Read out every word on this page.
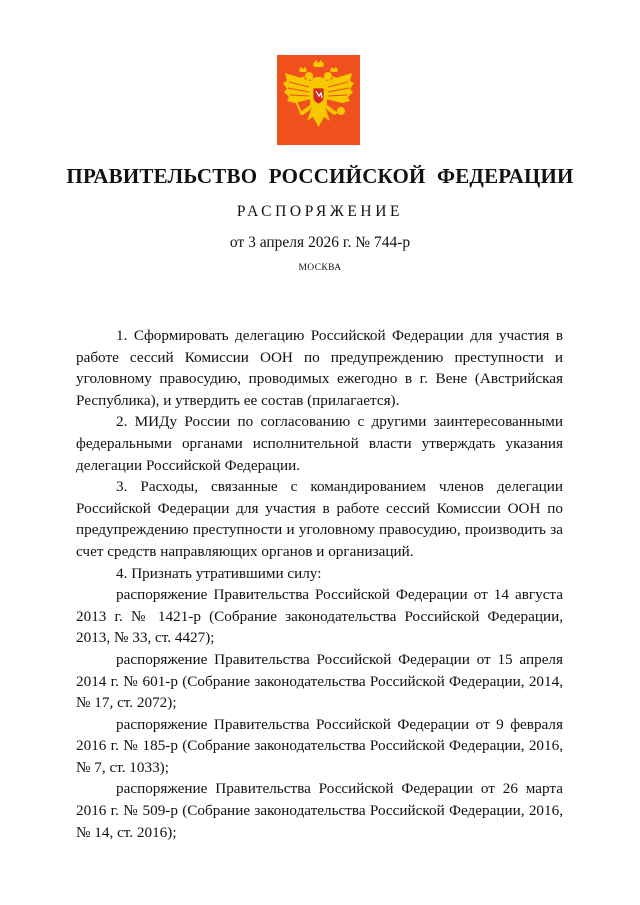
ПРАВИТЕЛЬСТВО РОССИЙСКОЙ ФЕДЕРАЦИИ
РАСПОРЯЖЕНИЕ
от 3 апреля 2026 г. № 744-р
МОСКВА

1. Сформировать делегацию Российской Федерации для участия в работе сессий Комиссии ООН по предупреждению преступности и уголовному правосудию, проводимых ежегодно в г. Вене (Австрийская Республика), и утвердить ее состав (прилагается).

2. МИДу России по согласованию с другими заинтересованными федеральными органами исполнительной власти утверждать указания делегации Российской Федерации.

3. Расходы, связанные с командированием членов делегации Российской Федерации для участия в работе сессий Комиссии ООН по предупреждению преступности и уголовному правосудию, производить за счет средств направляющих органов и организаций.

4. Признать утратившими силу:

распоряжение Правительства Российской Федерации от 14 августа 2013 г. № 1421-р (Собрание законодательства Российской Федерации, 2013, № 33, ст. 4427);

распоряжение Правительства Российской Федерации от 15 апреля 2014 г. № 601-р (Собрание законодательства Российской Федерации, 2014, № 17, ст. 2072);

распоряжение Правительства Российской Федерации от 9 февраля 2016 г. № 185-р (Собрание законодательства Российской Федерации, 2016, № 7, ст. 1033);

распоряжение Правительства Российской Федерации от 26 марта 2016 г. № 509-р (Собрание законодательства Российской Федерации, 2016, № 14, ст. 2016);
